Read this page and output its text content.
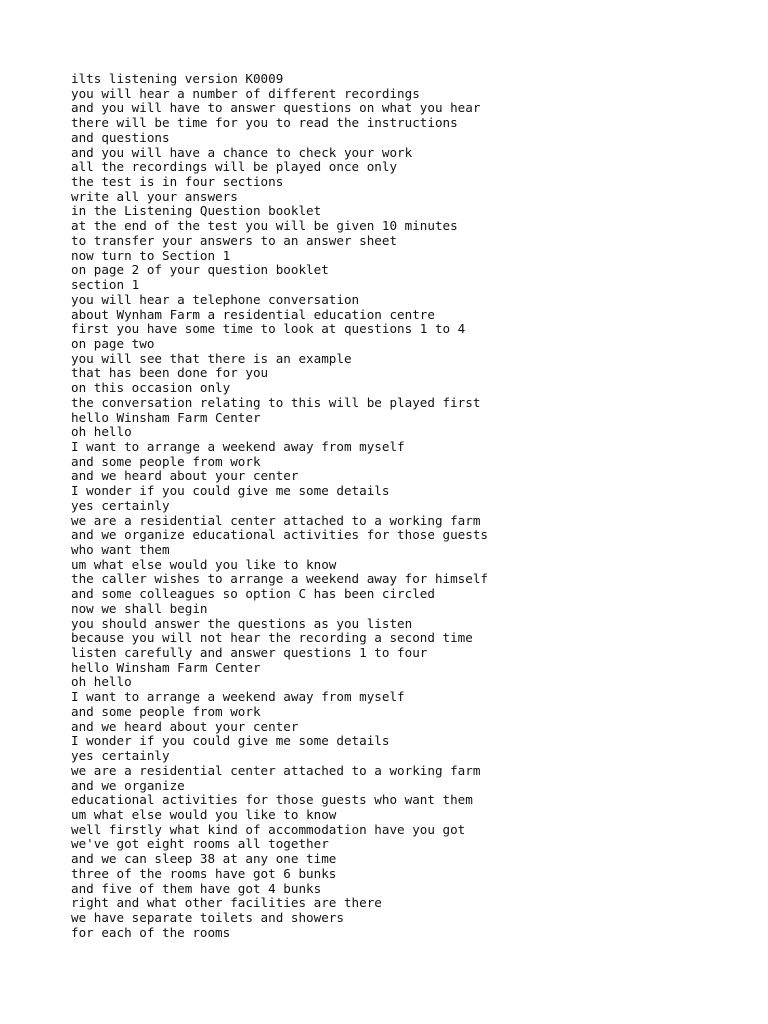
ilts listening version K0009
you will hear a number of different recordings
and you will have to answer questions on what you hear
there will be time for you to read the instructions
and questions
and you will have a chance to check your work
all the recordings will be played once only
the test is in four sections
write all your answers
in the Listening Question booklet
at the end of the test you will be given 10 minutes
to transfer your answers to an answer sheet
now turn to Section 1
on page 2 of your question booklet
section 1
you will hear a telephone conversation
about Wynham Farm a residential education centre
first you have some time to look at questions 1 to 4
on page two
you will see that there is an example
that has been done for you
on this occasion only
the conversation relating to this will be played first
hello Winsham Farm Center
oh hello
I want to arrange a weekend away from myself
and some people from work
and we heard about your center
I wonder if you could give me some details
yes certainly
we are a residential center attached to a working farm
and we organize educational activities for those guests
who want them
um what else would you like to know
the caller wishes to arrange a weekend away for himself
and some colleagues so option C has been circled
now we shall begin
you should answer the questions as you listen
because you will not hear the recording a second time
listen carefully and answer questions 1 to four
hello Winsham Farm Center
oh hello
I want to arrange a weekend away from myself
and some people from work
and we heard about your center
I wonder if you could give me some details
yes certainly
we are a residential center attached to a working farm
and we organize
educational activities for those guests who want them
um what else would you like to know
well firstly what kind of accommodation have you got
we've got eight rooms all together
and we can sleep 38 at any one time
three of the rooms have got 6 bunks
and five of them have got 4 bunks
right and what other facilities are there
we have separate toilets and showers
for each of the rooms
